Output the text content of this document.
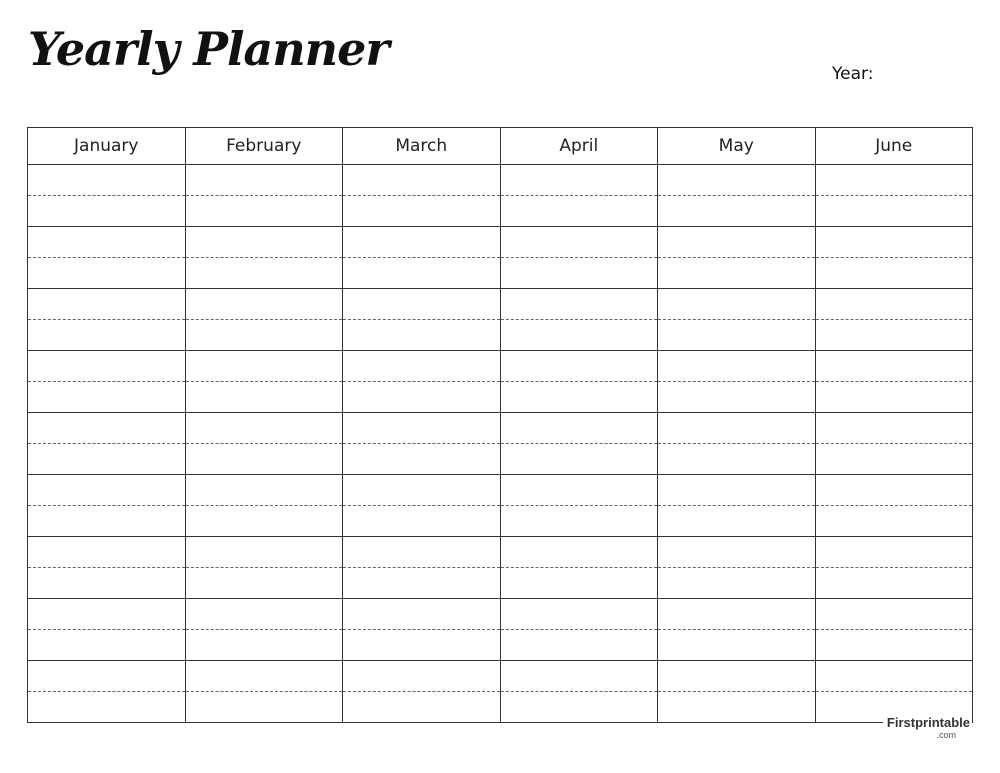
Yearly Planner	Year:
January	February	March	April	May	June

Firstprintable
.com
